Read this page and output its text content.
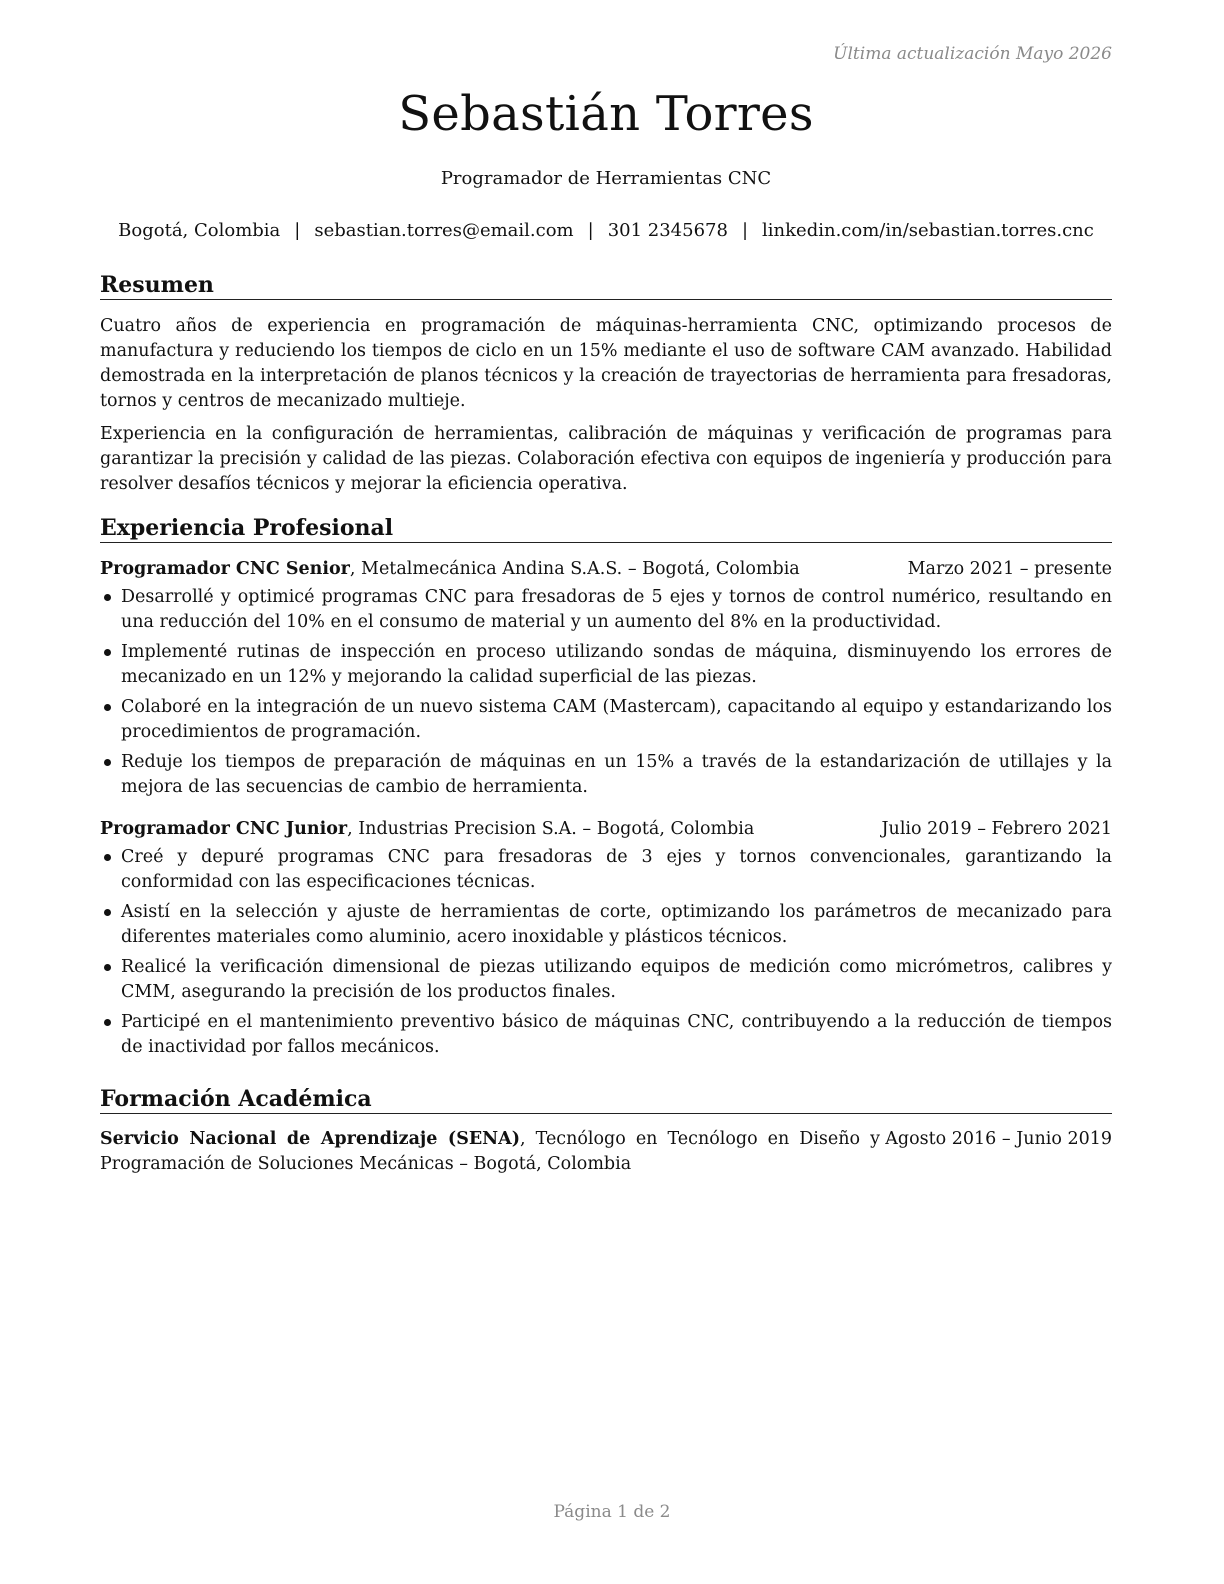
Última actualización Mayo 2026
Sebastián Torres
Programador de Herramientas CNC
Bogotá, Colombia | sebastian.torres@email.com | 301 2345678 | linkedin.com/in/sebastian.torres.cnc
Resumen

Cuatro años de experiencia en programación de máquinas-herramienta CNC, optimizando procesos de manufactura y reduciendo los tiempos de ciclo en un 15% mediante el uso de software CAM avanzado. Habilidad demostrada en la interpretación de planos técnicos y la creación de trayectorias de herramienta para fresadoras, tornos y centros de mecanizado multieje.

Experiencia en la configuración de herramientas, calibración de máquinas y verificación de programas para garantizar la precisión y calidad de las piezas. Colaboración efectiva con equipos de ingeniería y producción para resolver desafíos técnicos y mejorar la eficiencia operativa.

Experiencia Profesional
Programador CNC Senior, Metalmecánica Andina S.A.S. – Bogotá, Colombia	Marzo 2021 – presente
Desarrollé y optimicé programas CNC para fresadoras de 5 ejes y tornos de control numérico, resultando en una reducción del 10% en el consumo de material y un aumento del 8% en la productividad.
Implementé rutinas de inspección en proceso utilizando sondas de máquina, disminuyendo los errores de mecanizado en un 12% y mejorando la calidad superficial de las piezas.
Colaboré en la integración de un nuevo sistema CAM (Mastercam), capacitando al equipo y estandarizando los procedimientos de programación.
Reduje los tiempos de preparación de máquinas en un 15% a través de la estandarización de utillajes y la mejora de las secuencias de cambio de herramienta.
Programador CNC Junior, Industrias Precision S.A. – Bogotá, Colombia	Julio 2019 – Febrero 2021
Creé y depuré programas CNC para fresadoras de 3 ejes y tornos convencionales, garantizando la conformidad con las especificaciones técnicas.
Asistí en la selección y ajuste de herramientas de corte, optimizando los parámetros de mecanizado para diferentes materiales como aluminio, acero inoxidable y plásticos técnicos.
Realicé la verificación dimensional de piezas utilizando equipos de medición como micrómetros, calibres y CMM, asegurando la precisión de los productos finales.
Participé en el mantenimiento preventivo básico de máquinas CNC, contribuyendo a la reducción de tiempos de inactividad por fallos mecánicos.
Formación Académica
Servicio Nacional de Aprendizaje (SENA), Tecnólogo en Tecnólogo en Diseño y Programación de Soluciones Mecánicas – Bogotá, Colombia
Agosto 2016 – Junio 2019
Página 1 de 2
